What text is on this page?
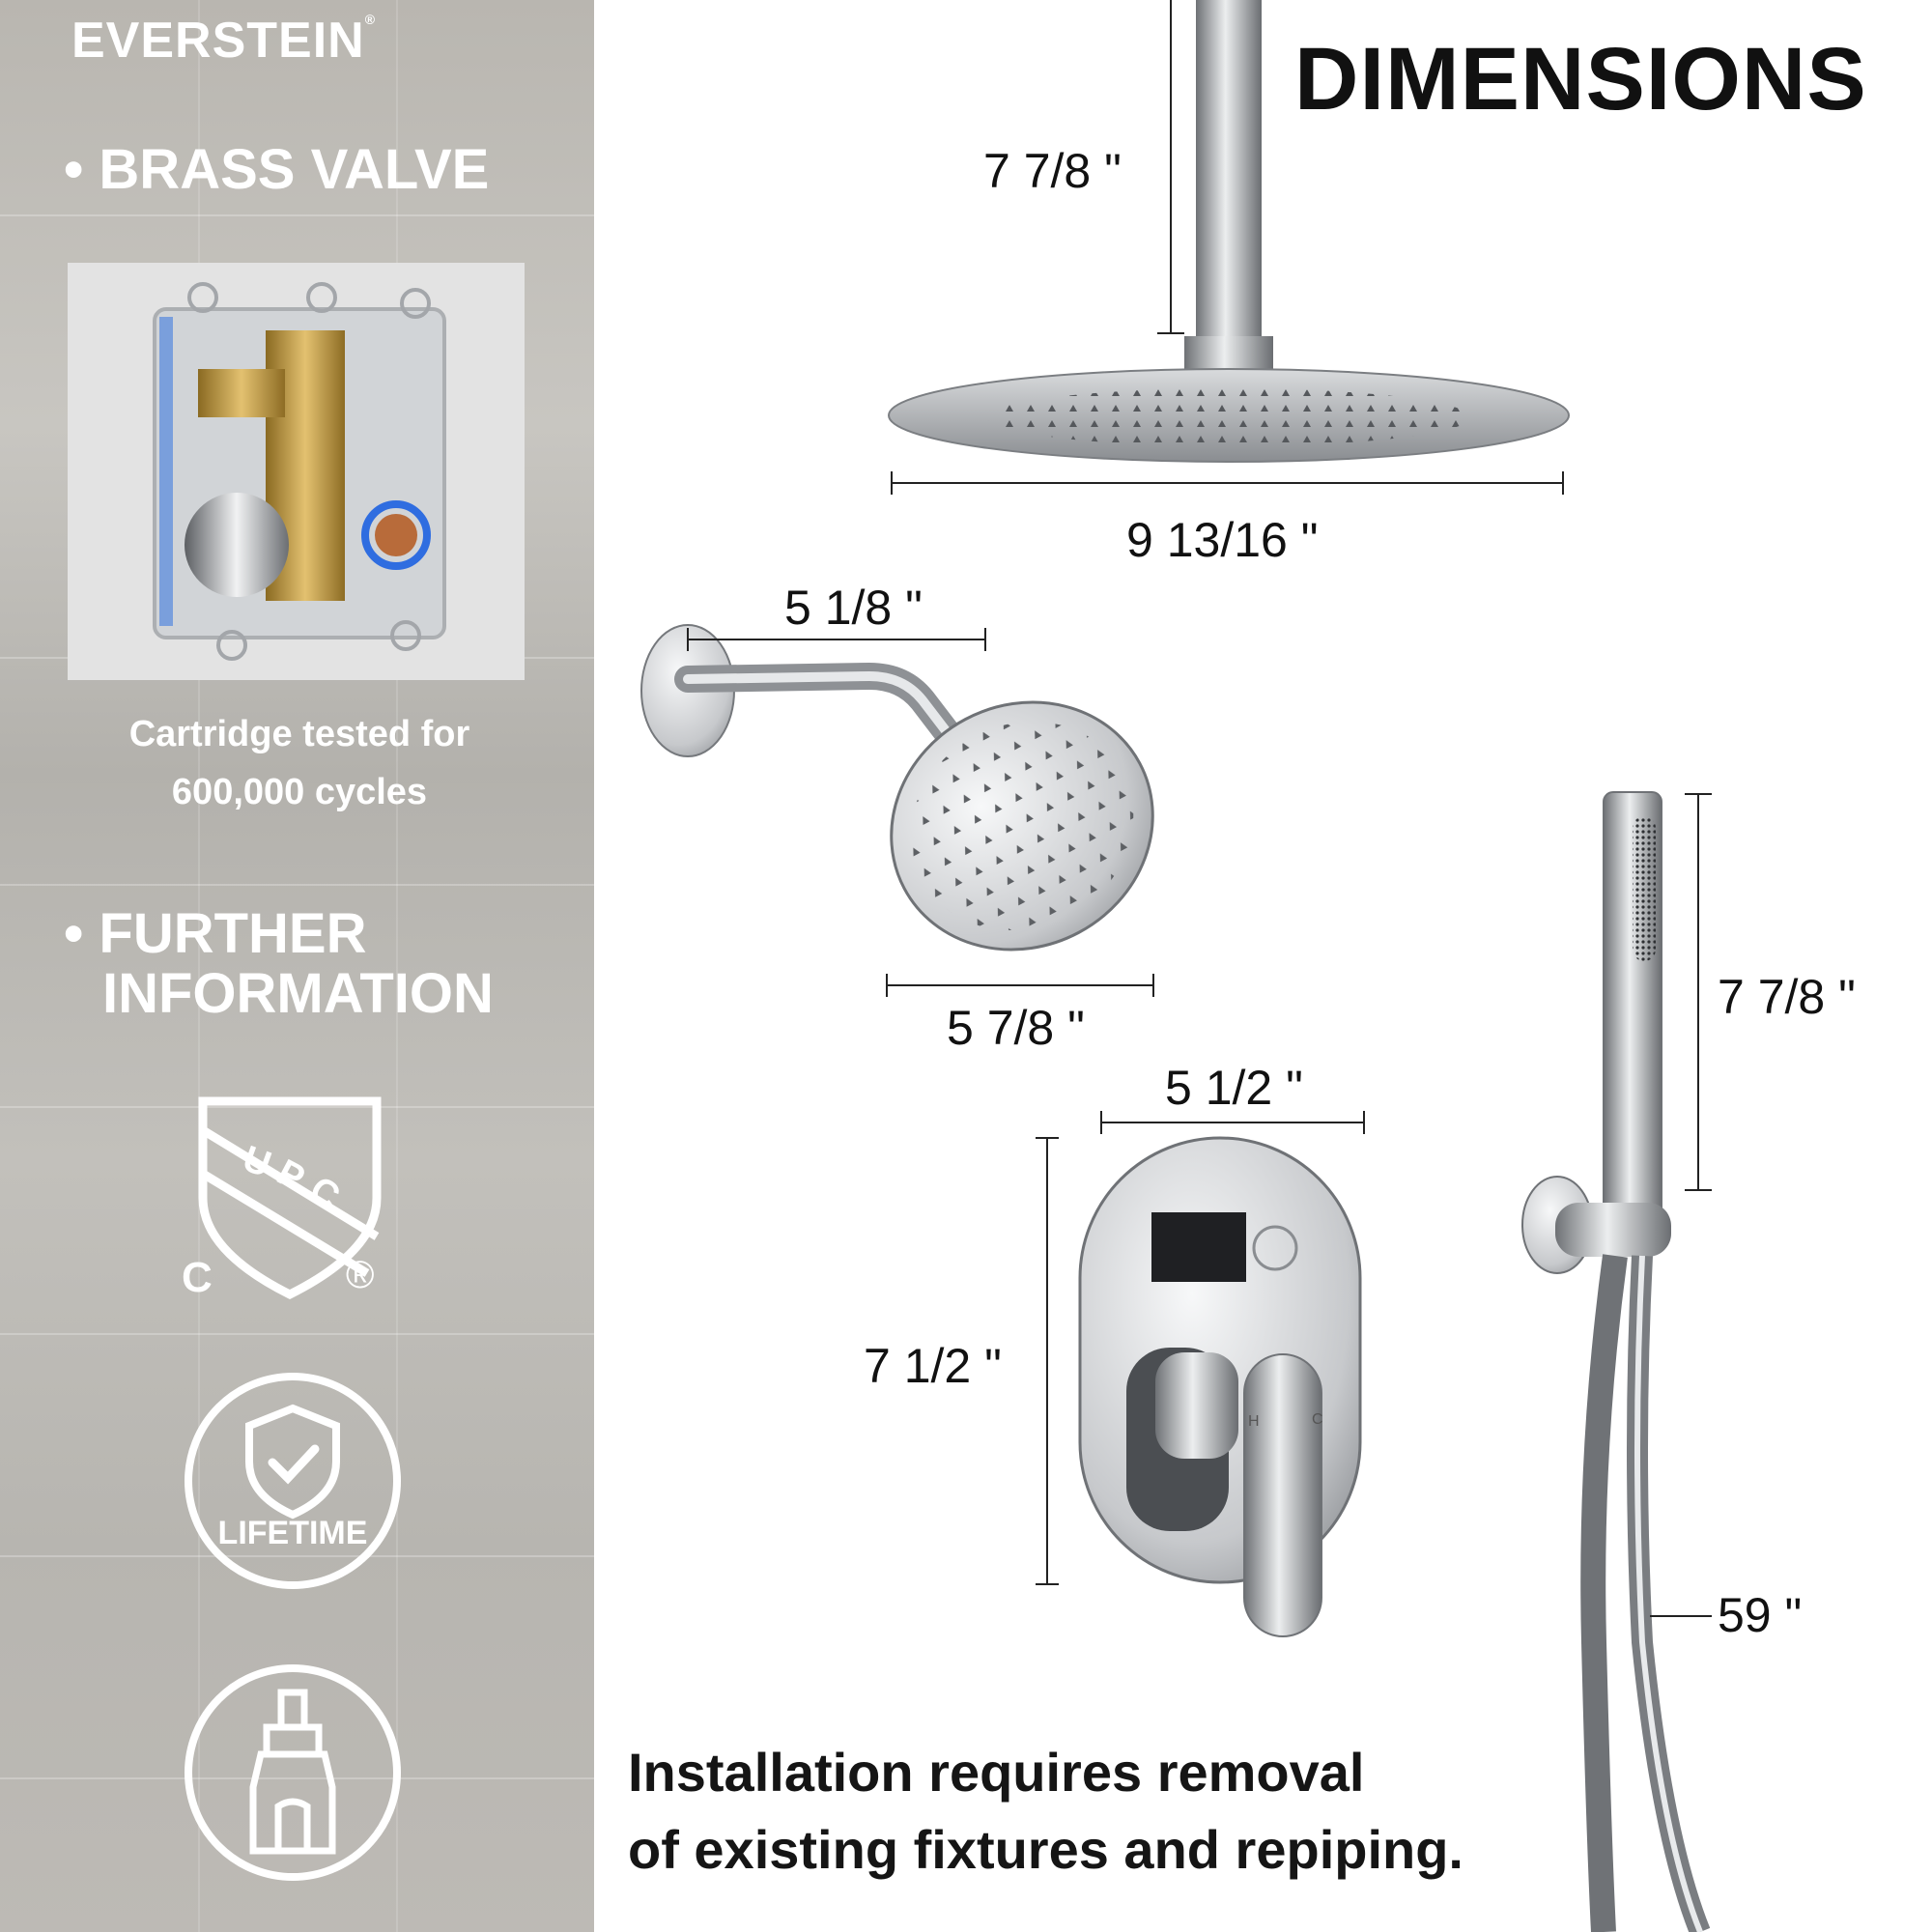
EVERSTEIN®
• BRASS VALVE
Cartridge tested for
600,000 cycles
• FURTHER
INFORMATION
U
P
C
C	®
LIFETIME
DIMENSIONS
H	C
7 7/8 "
9 13/16 "
5 1/8 "
5 7/8 "
5 1/2 "
7 1/2 "
7 7/8 "
59 "
Installation requires removal
of existing fixtures and repiping.
